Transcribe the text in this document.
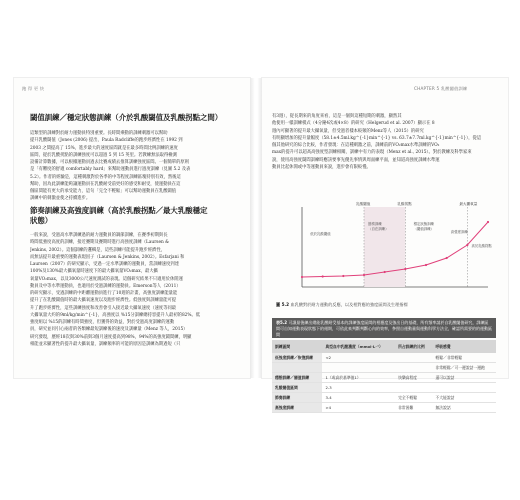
跑 得 更 快	CHAPTER 5 乳酸閾值訓練
閾值訓練／穩定狀態訓練（介於乳酸閾值及乳酸拐點之間）
這類型的訓練對於耐力運動員特別重要。長時間乘動的訓練刺激可以幫助
提升乳酸閾值（Jones (2006) 提出，Paula Radcliffe的跑步經濟性在 1992 到
2003 之間提高了 15%，進步最大的速度區間就是在最多時間比例訓練的速度
區間，從於乳酸拐點的訓練強度可以超過 5 到 15 英里。若教練無法取得檢測
設備計算數據，可以根據運動員過去比賽成績去推算訓練強度區間。一個簡單的原則
是「有難度的舒適 comfortably hard」來幫助運動員進行過度訓練（見圖 5.2 及表
5.2）。作者的經驗是，這種刺激對於各季的中等程度訓練區塊特別有效，然後這
幫助，因為此訓練能夠讓運動員在乳酸耐受前更好的感受和耐受，使運動員在這
個區間能有更大的承受能力，這句「完全不輕鬆」可以幫助運動員在乳酸閾值
訓練中的刺激並使之持續進步。
節奏訓練及高強度訓練（高於乳酸拐點／最大乳酸穩定
狀態）
一般來說，受過高水準訓練過的耐力運動員的調節訓練，在賽季初期與長
時間低強度高度的訓練，接近賽期及賽期時進行高強度訓練（Laursen &
Jenkins, 2002）。這個訓練的邏輯是，這些訓練可能提升跑步經濟性，
而無法提升最重要的運動表現因子（Laursen & Jenkins, 2002）。Esfarjani 和
Laursen（2007）的研究顯示，受過一定水準訓練的運動員，當訓練速度到達
100%及130%最大攝氧量時速度下的最大攝氧量VO₂max，最大攝
氧量VO₂max，以及3000公尺速度測試的表現。這個研究結果不只適用於休閒運
動員及中等水準運動員，也適用於受過訓練的運動員。Emerson等人（2011）
的研究顯示，受過訓練的中距離運動員進行了10週的計畫，高強度訓練能量能
提升了在乳酸閾值時的最大攝氧速度以及跑步經濟性。低強度與訓練量能可提
升了跑步經濟性，這些訓練強度和改善會引入接近最大攝氧速度（速度等同最
大攝氧量大約的9ml/kg/min^{-1}，高強度以 %15分訓練總持容提升人最初的82%。低
強度組以 %15的訓練有時間強度，但獲得的效益，對於受過高度訓練的運動
員，研究並同引心兩者的各類練最短訓練後的速度及訓練量（Menz 等人，2015）
研究發現，歷經18次與30%前與3個月速度提高到98%，94%的高強度閾間練，明顯
相能並未顯著性的提升最大攝氧量，訓練頻率的可能的原因是訓練為期過短（只
有3週），從長期來的角度來看，這是一個與這種短期的刺激，顯然其
他使用一樣訓練模式（4分鐘4次或4×8）的研究（Helgerud et al. 2007）顯示在 8
週內可顯著的提升最大攝氧量，但受過者樣本較頻的Menz等人（2015）的研究
有明顯增加的提升量幅度（58.1±4.5ml.kg^{-1}min^{-1} vs. 63.7±7.7ml.kg^{-1}min^{-1}），從這
個其他研究的綜合比較，作者發現：在這種刺激之前，訓練前的VO₂max水準訓練的VO₂
max的提升可以超高高強度型訓練相關，訓練中有力的表現（Menz et al., 2015）。對於教練及科學家來
說，使用高強度閾間訓練時應該要事先優先事情與周面練平面，並知道高強度訓練水準運
動員比起休閒或中等運動員來說，進步會有限較慢。
乳酸閾值	乳酸拐點	最大攝氧量
低於乳酸閾值
節奏訓練
（自在訓練）
穩定狀態訓練
（閾值訓練）
高強度訓練
高於乳酸拐點
圖 5.2 血乳酸對於耐力運動的反應，以及相對應的強度區間及生理指標
表5.2 可讓最後練出總能乳酸耐受基本的訓練強度區間的相應度及強出日的基礎，所有頻率請於自乳酸閾值研究，訓練區間可自知運動表現狀態下的週期，可依此來判斷判斷心內的效率，參照自運動量與運動科學方法全，確認所需要的的運動區間
訓練區間	典型血中乳酸濃度（mmol·L⁻¹）	所占訓練的比例	呼吸感覺
低強度訓練／恢復訓練	<2		輕鬆／非常輕鬆
			非常輕鬆／可一邊說話一邊跑
穩態訓練／閾值訓練	1（或高於基準值1）	快樂高程度	還可以說話
乳酸閾值區間	2-3		
節奏訓練	3-4	完全不輕鬆	不大能說話
高強度訓練	>4	非常困難	無法說話
